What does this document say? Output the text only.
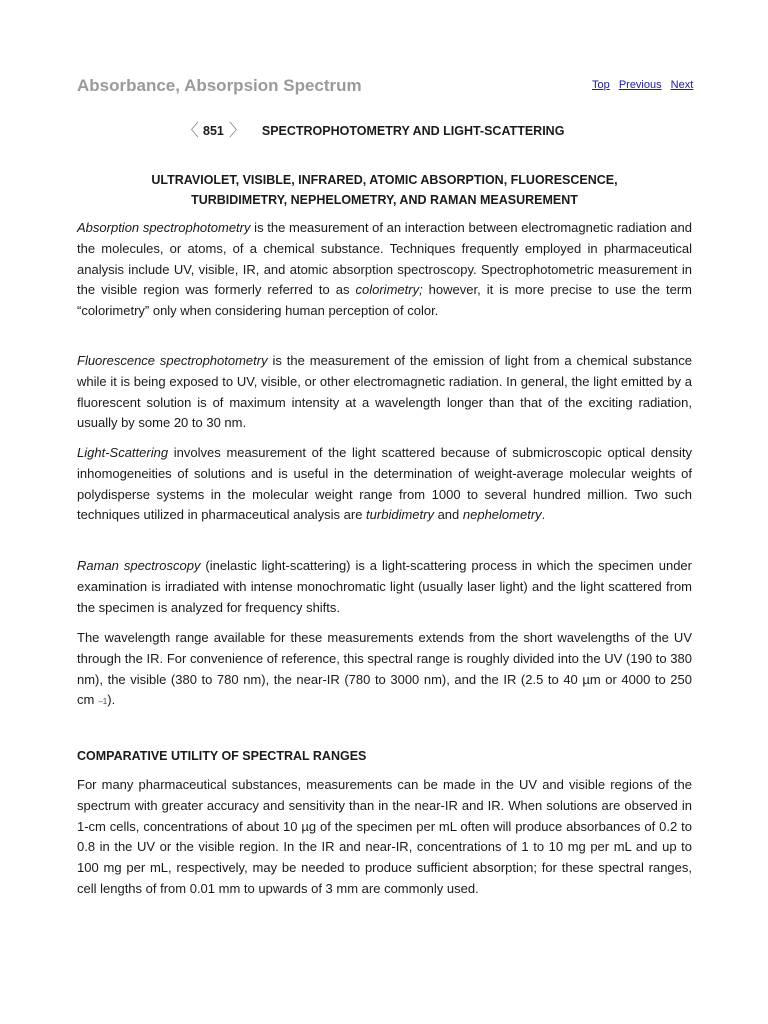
Absorbance, Absorpsion Spectrum	Top Previous Next
〈 851 〉 SPECTROPHOTOMETRY AND LIGHT-SCATTERING
ULTRAVIOLET, VISIBLE, INFRARED, ATOMIC ABSORPTION, FLUORESCENCE,
TURBIDIMETRY, NEPHELOMETRY, AND RAMAN MEASUREMENT

Absorption spectrophotometry is the measurement of an interaction between electromagnetic radiation and the molecules, or atoms, of a chemical substance. Techniques frequently employed in pharmaceutical analysis include UV, visible, IR, and atomic absorption spectroscopy. Spectrophotometric measurement in the visible region was formerly referred to as colorimetry; however, it is more precise to use the term “colorimetry” only when considering human perception of color.

Fluorescence spectrophotometry is the measurement of the emission of light from a chemical substance while it is being exposed to UV, visible, or other electromagnetic radiation. In general, the light emitted by a fluorescent solution is of maximum intensity at a wavelength longer than that of the exciting radiation, usually by some 20 to 30 nm.

Light-Scattering involves measurement of the light scattered because of submicroscopic optical density inhomogeneities of solutions and is useful in the determination of weight-average molecular weights of polydisperse systems in the molecular weight range from 1000 to several hundred million. Two such techniques utilized in pharmaceutical analysis are turbidimetry and nephelometry.

Raman spectroscopy (inelastic light-scattering) is a light-scattering process in which the specimen under examination is irradiated with intense monochromatic light (usually laser light) and the light scattered from the specimen is analyzed for frequency shifts.

The wavelength range available for these measurements extends from the short wavelengths of the UV through the IR. For convenience of reference, this spectral range is roughly divided into the UV (190 to 380 nm), the visible (380 to 780 nm), the near-IR (780 to 3000 nm), and the IR (2.5 to 40 µm or 4000 to 250 cm –1).

COMPARATIVE UTILITY OF SPECTRAL RANGES

For many pharmaceutical substances, measurements can be made in the UV and visible regions of the spectrum with greater accuracy and sensitivity than in the near-IR and IR. When solutions are observed in 1-cm cells, concentrations of about 10 µg of the specimen per mL often will produce absorbances of 0.2 to 0.8 in the UV or the visible region. In the IR and near-IR, concentrations of 1 to 10 mg per mL and up to 100 mg per mL, respectively, may be needed to produce sufficient absorption; for these spectral ranges, cell lengths of from 0.01 mm to upwards of 3 mm are commonly used.
